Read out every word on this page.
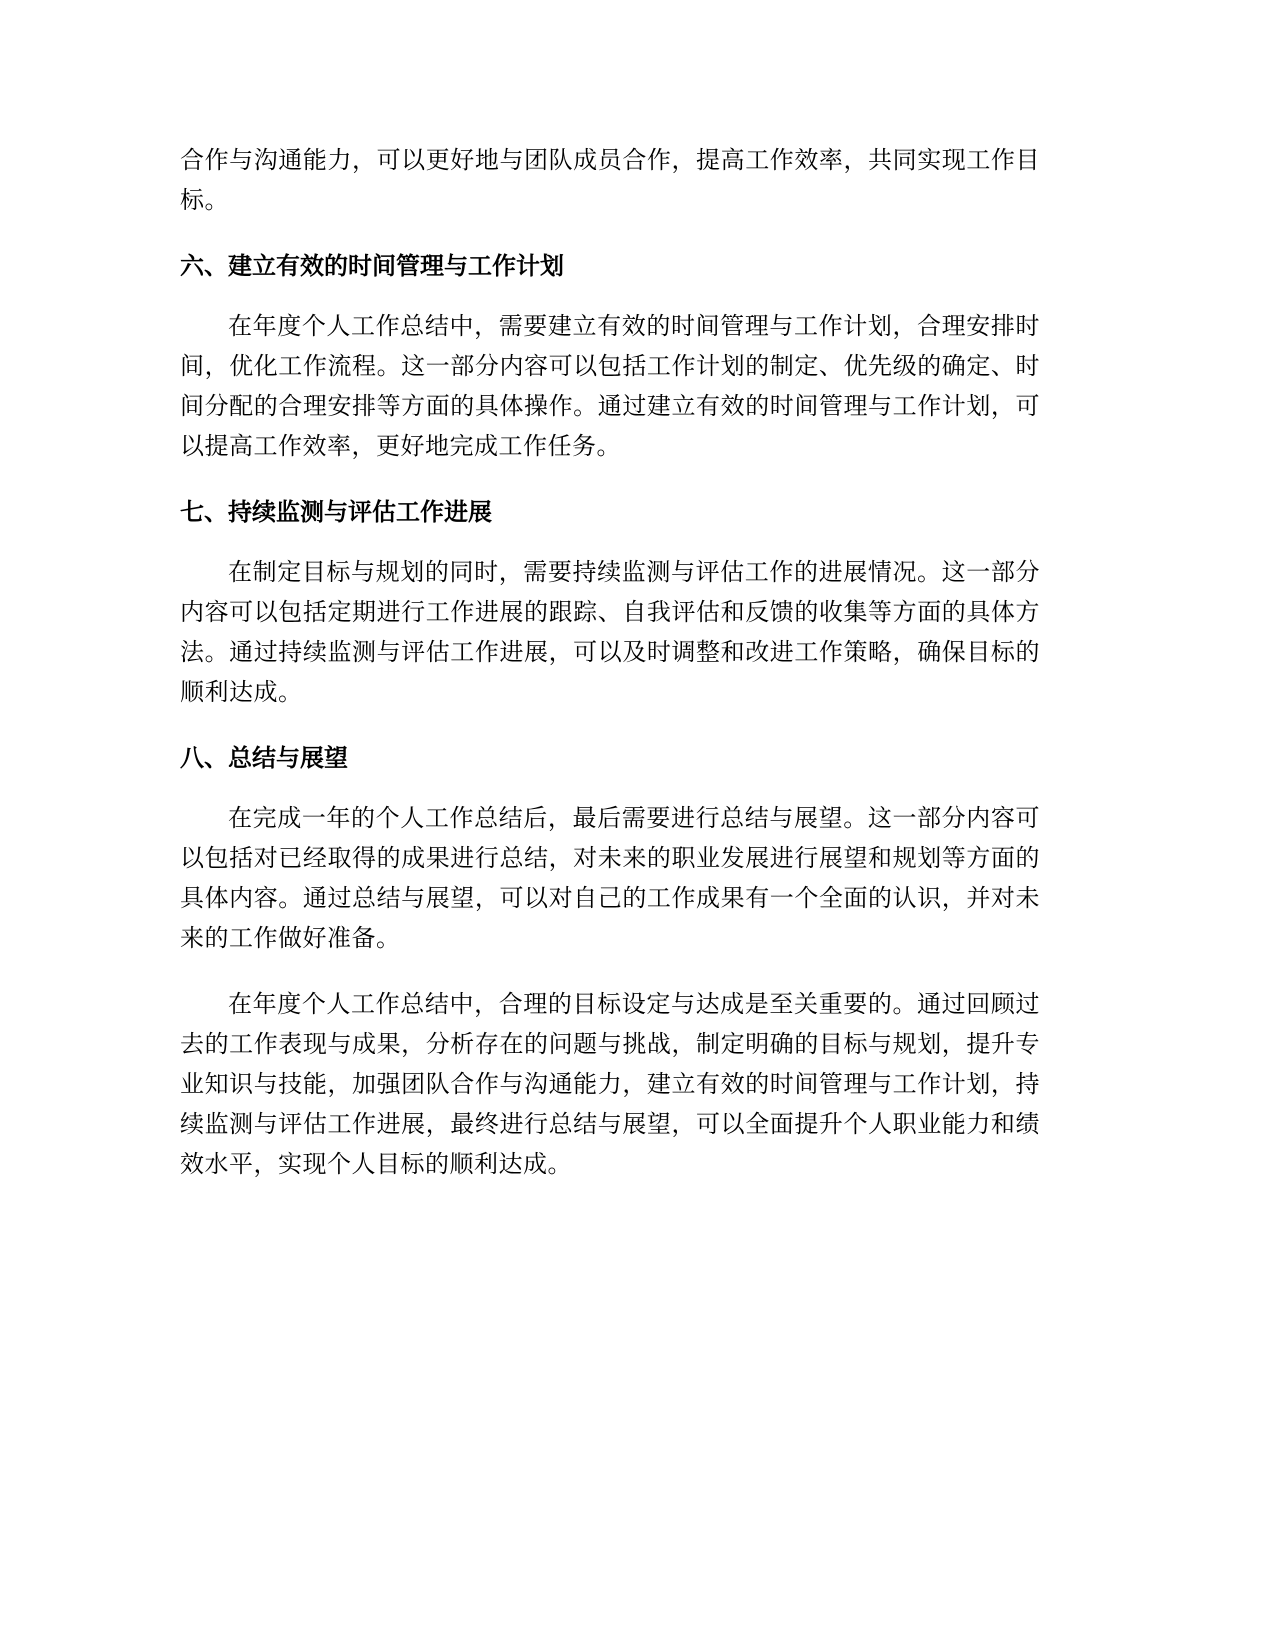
合作与沟通能力，可以更好地与团队成员合作，提高工作效率，共同实现工作目标。

六、建立有效的时间管理与工作计划

在年度个人工作总结中，需要建立有效的时间管理与工作计划，合理安排时间，优化工作流程。这一部分内容可以包括工作计划的制定、优先级的确定、时间分配的合理安排等方面的具体操作。通过建立有效的时间管理与工作计划，可以提高工作效率，更好地完成工作任务。

七、持续监测与评估工作进展

在制定目标与规划的同时，需要持续监测与评估工作的进展情况。这一部分内容可以包括定期进行工作进展的跟踪、自我评估和反馈的收集等方面的具体方法。通过持续监测与评估工作进展，可以及时调整和改进工作策略，确保目标的顺利达成。

八、总结与展望

在完成一年的个人工作总结后，最后需要进行总结与展望。这一部分内容可以包括对已经取得的成果进行总结，对未来的职业发展进行展望和规划等方面的具体内容。通过总结与展望，可以对自己的工作成果有一个全面的认识，并对未来的工作做好准备。

在年度个人工作总结中，合理的目标设定与达成是至关重要的。通过回顾过去的工作表现与成果，分析存在的问题与挑战，制定明确的目标与规划，提升专业知识与技能，加强团队合作与沟通能力，建立有效的时间管理与工作计划，持续监测与评估工作进展，最终进行总结与展望，可以全面提升个人职业能力和绩效水平，实现个人目标的顺利达成。
